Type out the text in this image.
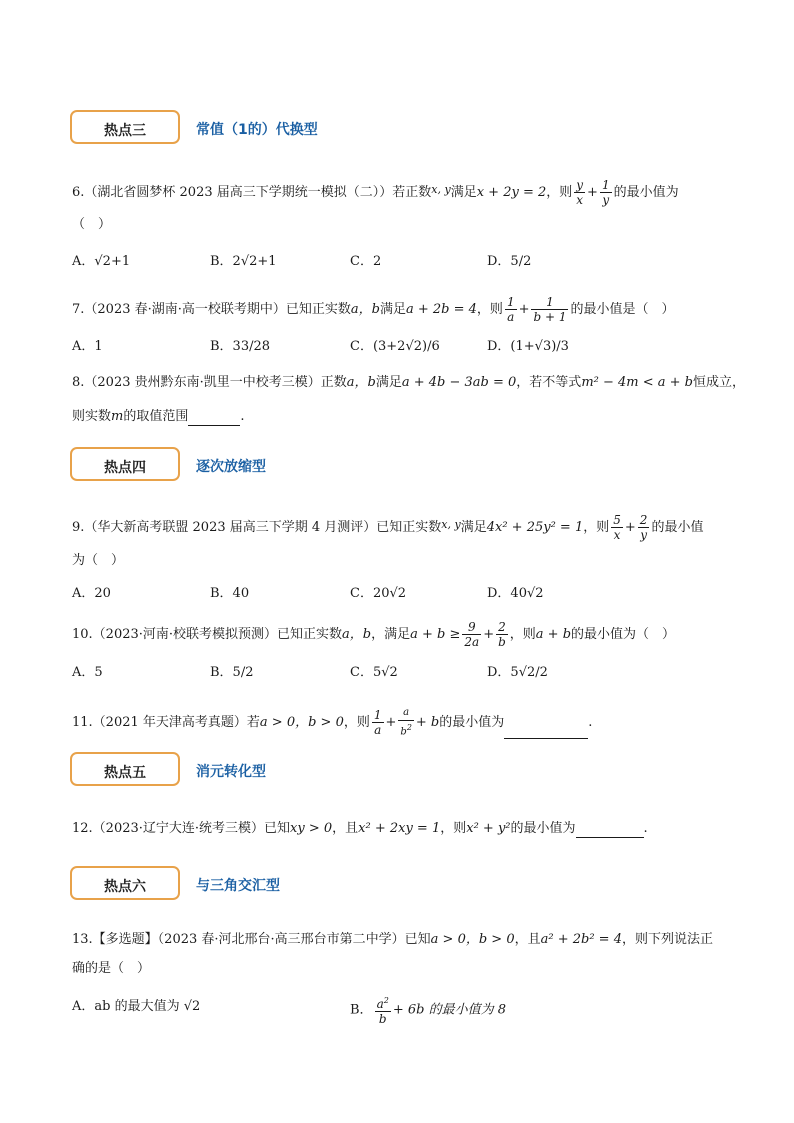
热点三	常值（1的）代换型
6.（湖北省圆梦杯 2023 届高三下学期统一模拟（二））若正数$^{x, y}$满足x + 2y = 2，则 $\frac{y}{x} + \frac{1}{y}$ 的最小值为
（　）
A．√2+1	B．2√2+1	C．2	D．5/2
7.（2023 春·湖南·高一校联考期中）已知正实数a，b满足a + 2b = 4，则 $\frac{1}{a} + \frac{1}{b + 1}$ 的最小值是（　）
A．1	B．33/28	C．(3+2√2)/6	D．(1+√3)/3
8.（2023 贵州黔东南·凯里一中校考三模）正数a，b满足a + 4b − 3ab = 0，若不等式m² − 4m < a + b恒成立，
则实数m的取值范围	.
热点四	逐次放缩型
9.（华大新高考联盟 2023 届高三下学期 4 月测评）已知正实数$^{x, y}$满足4x² + 25y² = 1，则 $\frac{5}{x} + \frac{2}{y}$ 的最小值
为（　）
A．20	B．40	C．20√2	D．40√2
10.（2023·河南·校联考模拟预测）已知正实数a，b，满足$a + b \ge \frac{9}{2a} + \frac{2}{b}$ ，则a + b的最小值为（　）
A．5	B．5/2	C．5√2	D．5√2/2
11.（2021 年天津高考真题）若a > 0，b > 0，则 $\frac{1}{a} + \frac{a}{b^2} + b$的最小值为	.
热点五	消元转化型
12.（2023·辽宁大连·统考三模）已知xy > 0，且x² + 2xy = 1，则x² + y²的最小值为	.
热点六	与三角交汇型
13.【多选题】（2023 春·河北邢台·高三邢台市第二中学）已知a > 0，b > 0，且a² + 2b² = 4，则下列说法正
确的是（　）
A．ab 的最大值为 √2	B． $\frac{a^2}{b} + 6b$ 的最小值为 8
